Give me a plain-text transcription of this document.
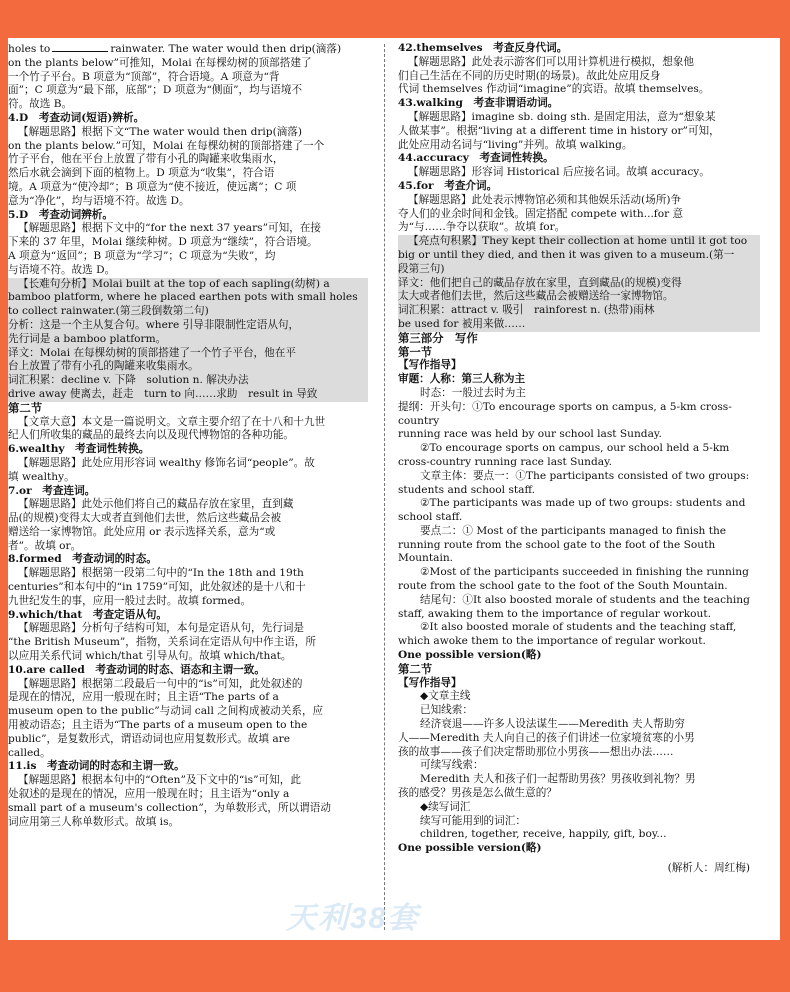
holes to	rainwater. The water would then drip(滴落)

on the plants below”可推知，Molai 在每棵幼树的顶部搭建了

一个竹子平台。B 项意为“顶部”，符合语境。A 项意为“背

面”；C 项意为“最下部，底部”；D 项意为“侧面”，均与语境不

符。故选 B。

4.D　考查动词(短语)辨析。

【解题思路】根据下文“The water would then drip(滴落)

on the plants below.”可知，Molai 在每棵幼树的顶部搭建了一个

竹子平台，他在平台上放置了带有小孔的陶罐来收集雨水，

然后水就会滴到下面的植物上。D 项意为“收集”，符合语

境。A 项意为“使冷却”；B 项意为“使不接近，使远离”；C 项

意为“净化”，均与语境不符。故选 D。

5.D　考查动词辨析。

【解题思路】根据下文中的“for the next 37 years”可知，在接

下来的 37 年里，Molai 继续种树。D 项意为“继续”，符合语境。

A 项意为“返回”；B 项意为“学习”；C 项意为“失败”，均

与语境不符。故选 D。

【长难句分析】Molai built at the top of each sapling(幼树) a

bamboo platform, where he placed earthen pots with small holes

to collect rainwater.(第三段倒数第二句)

分析：这是一个主从复合句。where 引导非限制性定语从句，

先行词是 a bamboo platform。

译文：Molai 在每棵幼树的顶部搭建了一个竹子平台，他在平

台上放置了带有小孔的陶罐来收集雨水。

词汇积累：decline v. 下降　solution n. 解决办法

drive away 使离去，赶走　turn to 向……求助　result in 导致

第二节

【文章大意】本文是一篇说明文。文章主要介绍了在十八和十九世

纪人们所收集的藏品的最终去向以及现代博物馆的各种功能。

6.wealthy　考查词性转换。

【解题思路】此处应用形容词 wealthy 修饰名词“people”。故

填 wealthy。

7.or　考查连词。

【解题思路】此处示他们将自己的藏品存放在家里，直到藏

品(的规模)变得太大或者直到他们去世，然后这些藏品会被

赠送给一家博物馆。此处应用 or 表示选择关系，意为“或

者”。故填 or。

8.formed　考查动词的时态。

【解题思路】根据第一段第二句中的“In the 18th and 19th

centuries”和本句中的“in 1759”可知，此处叙述的是十八和十

九世纪发生的事，应用一般过去时。故填 formed。

9.which/that　考查定语从句。

【解题思路】分析句子结构可知，本句是定语从句，先行词是

“the British Museum”，指物，关系词在定语从句中作主语，所

以应用关系代词 which/that 引导从句。故填 which/that。

10.are called　考查动词的时态、语态和主谓一致。

【解题思路】根据第二段最后一句中的“is”可知，此处叙述的

是现在的情况，应用一般现在时；且主语“The parts of a

museum open to the public”与动词 call 之间构成被动关系，应

用被动语态；且主语为“The parts of a museum open to the

public”，是复数形式，谓语动词也应用复数形式。故填 are

called。

11.is　考查动词的时态和主谓一致。

【解题思路】根据本句中的“Often”及下文中的“is”可知，此

处叙述的是现在的情况，应用一般现在时；且主语为“only a

small part of a museum's collection”，为单数形式，所以谓语动

词应用第三人称单数形式。故填 is。

42.themselves　考查反身代词。

【解题思路】此处表示游客们可以用计算机进行模拟，想象他

们自己生活在不同的历史时期(的场景)。故此处应用反身

代词 themselves 作动词“imagine”的宾语。故填 themselves。

43.walking　考查非谓语动词。

【解题思路】imagine sb. doing sth. 是固定用法，意为“想象某

人做某事”。根据“living at a different time in history or”可知，

此处应用动名词与“living”并列。故填 walking。

44.accuracy　考查词性转换。

【解题思路】形容词 Historical 后应接名词。故填 accuracy。

45.for　考查介词。

【解题思路】此处表示博物馆必须和其他娱乐活动(场所)争

夺人们的业余时间和金钱。固定搭配 compete with...for 意

为“与……争夺以获取”。故填 for。

【亮点句积累】They kept their collection at home until it got too

big or until they died, and then it was given to a museum.(第一

段第三句)

译文：他们把自己的藏品存放在家里，直到藏品(的规模)变得

太大或者他们去世，然后这些藏品会被赠送给一家博物馆。

词汇积累：attract v. 吸引　rainforest n. (热带)雨林

be used for 被用来做……

第三部分　写作

第一节

【写作指导】

审题：人称：第三人称为主

时态：一般过去时为主

提纲：开头句：①To encourage sports on campus, a 5-km cross-country

running race was held by our school last Sunday.

②To encourage sports on campus, our school held a 5-km

cross-country running race last Sunday.

文章主体：要点一：①The participants consisted of two groups:

students and school staff.

②The participants was made up of two groups: students and

school staff.

要点二：① Most of the participants managed to finish the

running route from the school gate to the foot of the South Mountain.

②Most of the participants succeeded in finishing the running

route from the school gate to the foot of the South Mountain.

结尾句：①It also boosted morale of students and the teaching

staff, awaking them to the importance of regular workout.

②It also boosted morale of students and the teaching staff,

which awoke them to the importance of regular workout.

One possible version(略)

第二节

【写作指导】

◆文章主线

已知线索：

经济衰退——许多人设法谋生——Meredith 夫人帮助穷

人——Meredith 夫人向自己的孩子们讲述一位家境贫寒的小男

孩的故事——孩子们决定帮助那位小男孩——想出办法……

可续写线索：

Meredith 夫人和孩子们一起帮助男孩？男孩收到礼物？男

孩的感受？男孩是怎么做生意的？

◆续写词汇

续写可能用到的词汇：

children, together, receive, happily, gift, boy...

One possible version(略)

(解析人：周红梅)

天利38套
